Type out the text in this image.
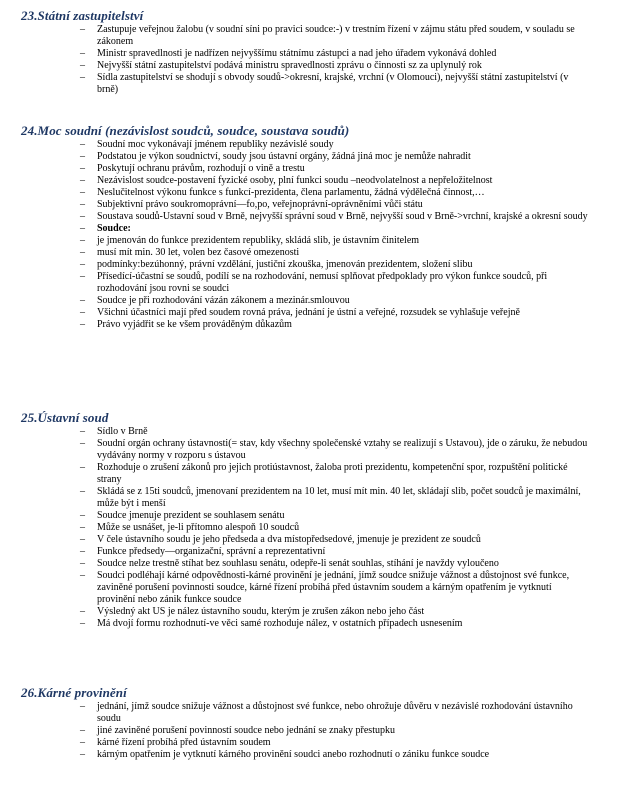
23.Státní zastupitelství
– Zastupuje veřejnou žalobu (v soudní síni po pravici soudce:-) v trestním řízení v zájmu státu před soudem, v souladu se zákonem
– Ministr spravedlnosti je nadřízen nejvyššímu státnímu zástupci a nad jeho úřadem vykonává dohled
– Nejvyšší státní zastupitelství podává ministru spravedlnosti zprávu o činnosti sz za uplynulý rok
– Sídla zastupitelství se shodují s obvody soudů->okresní, krajské, vrchní (v Olomouci), nejvyšší státní zastupitelství (v brně)
24.Moc soudní (nezávislost soudců, soudce, soustava soudů)
– Soudní moc vykonávají jménem republiky nezávislé soudy
– Podstatou je výkon soudnictví, soudy jsou ústavní orgány, žádná jiná moc je nemůže nahradit
– Poskytují ochranu právům, rozhodují o vině a trestu
– Nezávislost soudce-postavení fyzické osoby, plní funkci soudu –neodvolatelnost a nepřeložitelnost
– Neslučitelnost výkonu funkce s funkcí-prezidenta, člena parlamentu, žádná výdělečná činnost,…
– Subjektivní právo soukromoprávní—fo,po, veřejnoprávní-oprávněními vůči státu
– Soustava soudů-Ustavní soud v Brně, nejvyšší správní soud v Brně, nejvyšší soud v Brně->vrchní, krajské a okresní soudy
– Soudce:
– je jmenován do funkce prezidentem republiky, skládá slib, je ústavním činitelem
– musí mít min. 30 let, volen bez časové omezenosti
– podmínky:bezúhonný, právní vzdělání, justiční zkouška, jmenován prezidentem, složení slibu
– Přísedící-účastní se soudů, podílí se na rozhodování, nemusí splňovat předpoklady pro výkon funkce soudců, při rozhodování jsou rovni se soudci
– Soudce je při rozhodování vázán zákonem a mezinár.smlouvou
– Všichni účastníci mají před soudem rovná práva, jednání je ústní a veřejné, rozsudek se vyhlašuje veřejně
– Právo vyjádřit se ke všem prováděným důkazům
25.Ústavní soud
– Sídlo v Brně
– Soudní orgán ochrany ústavnosti(= stav, kdy všechny společenské vztahy se realizují s Ustavou), jde o záruku, že nebudou vydávány normy v rozporu s ústavou
– Rozhoduje o zrušení zákonů pro jejich protiústavnost, žaloba proti prezidentu, kompetenční spor, rozpuštění politické strany
– Skládá se z 15ti soudců, jmenovaní prezidentem na 10 let, musí mít min. 40 let, skládají slib, počet soudců je maximální, může být i menší
– Soudce jmenuje prezident se souhlasem senátu
– Může se usnášet, je-li přítomno alespoň 10 soudců
– V čele ústavního soudu je jeho předseda a dva místopředsedové, jmenuje je prezident ze soudců
– Funkce předsedy—organizační, správní a reprezentativní
– Soudce nelze trestně stíhat bez souhlasu senátu, odepře-li senát souhlas, stíhání je navždy vyloučeno
– Soudci podléhají kárné odpovědnosti-kárné provinění je jednání, jímž soudce snižuje vážnost a důstojnost své funkce, zaviněné porušení povinnosti soudce, kárné řízení probíhá před ústavním soudem a kárným opatřením je vytknutí provinění nebo zánik funkce soudce
– Výsledný akt US je nález ústavního soudu, kterým je zrušen zákon nebo jeho část
– Má dvojí formu rozhodnutí-ve věci samé rozhoduje nález, v ostatních případech usnesením
26.Kárné provinění
– jednání, jímž soudce snižuje vážnost a důstojnost své funkce, nebo ohrožuje důvěru v nezávislé rozhodování ústavního soudu
– jiné zaviněné porušení povinností soudce nebo jednání se znaky přestupku
– kárné řízení probíhá před ústavním soudem
– kárným opatřením je vytknutí kárného provinění soudci anebo rozhodnutí o zániku funkce soudce
